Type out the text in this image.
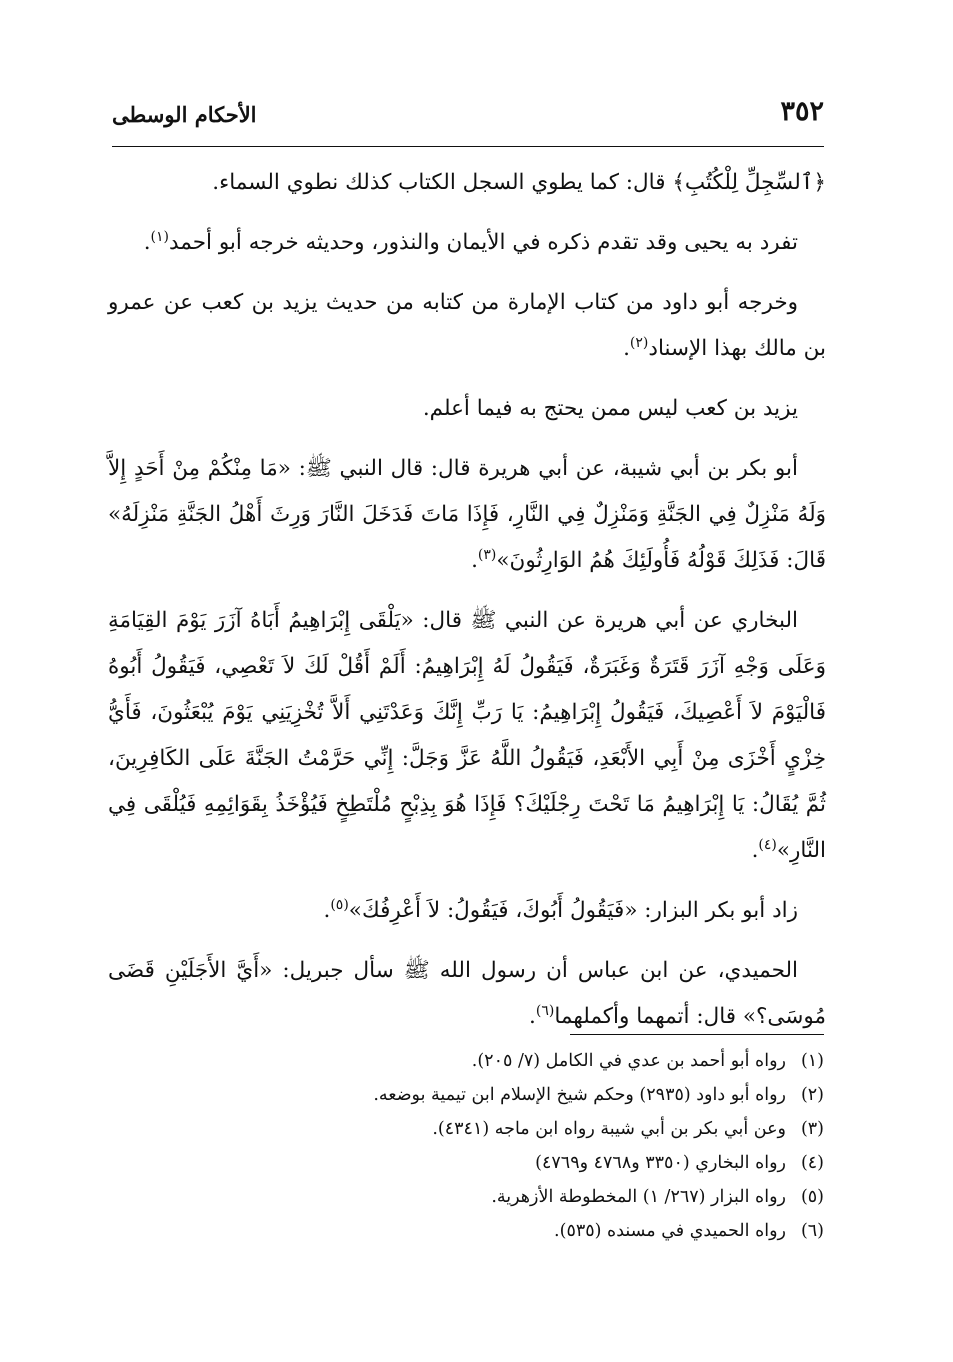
٣٥٢
الأحكام الوسطى

﴿ٱلسِّجِلِّ لِلْكُتُبِ﴾ قال: كما يطوي السجل الكتاب كذلك نطوي السماء.

تفرد به يحيى وقد تقدم ذكره في الأيمان والنذور، وحديثه خرجه أبو أحمد$^{(١)}$.

وخرجه أبو داود من كتاب الإمارة من كتابه من حديث يزيد بن كعب عن عمرو بن مالك بهذا الإسناد$^{(٢)}$.

يزيد بن كعب ليس ممن يحتج به فيما أعلم.

أبو بكر بن أبي شيبة، عن أبي هريرة قال: قال النبي ﷺ: «مَا مِنْكُمْ مِنْ أَحَدٍ إِلاَّ وَلَهُ مَنْزِلٌ فِي الجَنَّةِ وَمَنْزِلٌ فِي النَّارِ، فَإِذَا مَاتَ فَدَخَلَ النَّارَ وَرِثَ أَهْلُ الجَنَّةِ مَنْزِلَهُ» قَالَ: فَذَلِكَ قَوْلُهُ فَأُولَئِكَ هُمُ الوَارِثُونَ»$^{(٣)}$.

البخاري عن أبي هريرة عن النبي ﷺ قال: «يَلْقَى إِبْرَاهِيمُ أَبَاهُ آزَرَ يَوْمَ القِيَامَةِ وَعَلَى وَجْهِ آزَرَ قَتَرَةٌ وَغَبَرَةٌ، فَيَقُولُ لَهُ إِبْرَاهِيمُ: أَلَمْ أَقُلْ لَكَ لاَ تَعْصِي، فَيَقُولُ أَبُوهُ فَالْيَوْمَ لاَ أَعْصِيكَ، فَيَقُولُ إِبْرَاهِيمُ: يَا رَبِّ إِنَّكَ وَعَدْتَنِي أَلاَّ تُخْزِيَنِي يَوْمَ يُبْعَثُونَ، فَأَيُّ خِزْيٍ أَخْزَى مِنْ أَبِي الأَبْعَدِ، فَيَقُولُ اللَّهُ عَزَّ وَجَلَّ: إِنِّي حَرَّمْتُ الجَنَّةَ عَلَى الكَافِرِينَ، ثُمَّ يُقَالُ: يَا إِبْرَاهِيمُ مَا تَحْتَ رِجْلَيْكَ؟ فَإِذَا هُوَ بِذِبْحٍ مُلْتَطِخٍ فَيُؤْخَذُ بِقَوَائِمِهِ فَيُلْقَى فِي النَّارِ»$^{(٤)}$.

زاد أبو بكر البزار: «فَيَقُولُ أَبُوكَ، فَيَقُولُ: لاَ أَعْرِفُكَ»$^{(٥)}$.

الحميدي، عن ابن عباس أن رسول الله ﷺ سأل جبريل: «أَيَّ الأَجَلَيْنِ قَضَى مُوسَى؟» قال: أتمهما وأكملهما$^{(٦)}$.

(١)رواه أبو أحمد بن عدي في الكامل (٧/ ٢٠٥).
(٢)رواه أبو داود (٢٩٣٥) وحكم شيخ الإسلام ابن تيمية بوضعه.
(٣)وعن أبي بكر بن أبي شيبة رواه ابن ماجه (٤٣٤١).
(٤)رواه البخاري (٣٣٥٠ و٤٧٦٨ و٤٧٦٩)
(٥)رواه البزار (٢٦٧/ ١) المخطوطة الأزهرية.
(٦)رواه الحميدي في مسنده (٥٣٥).
